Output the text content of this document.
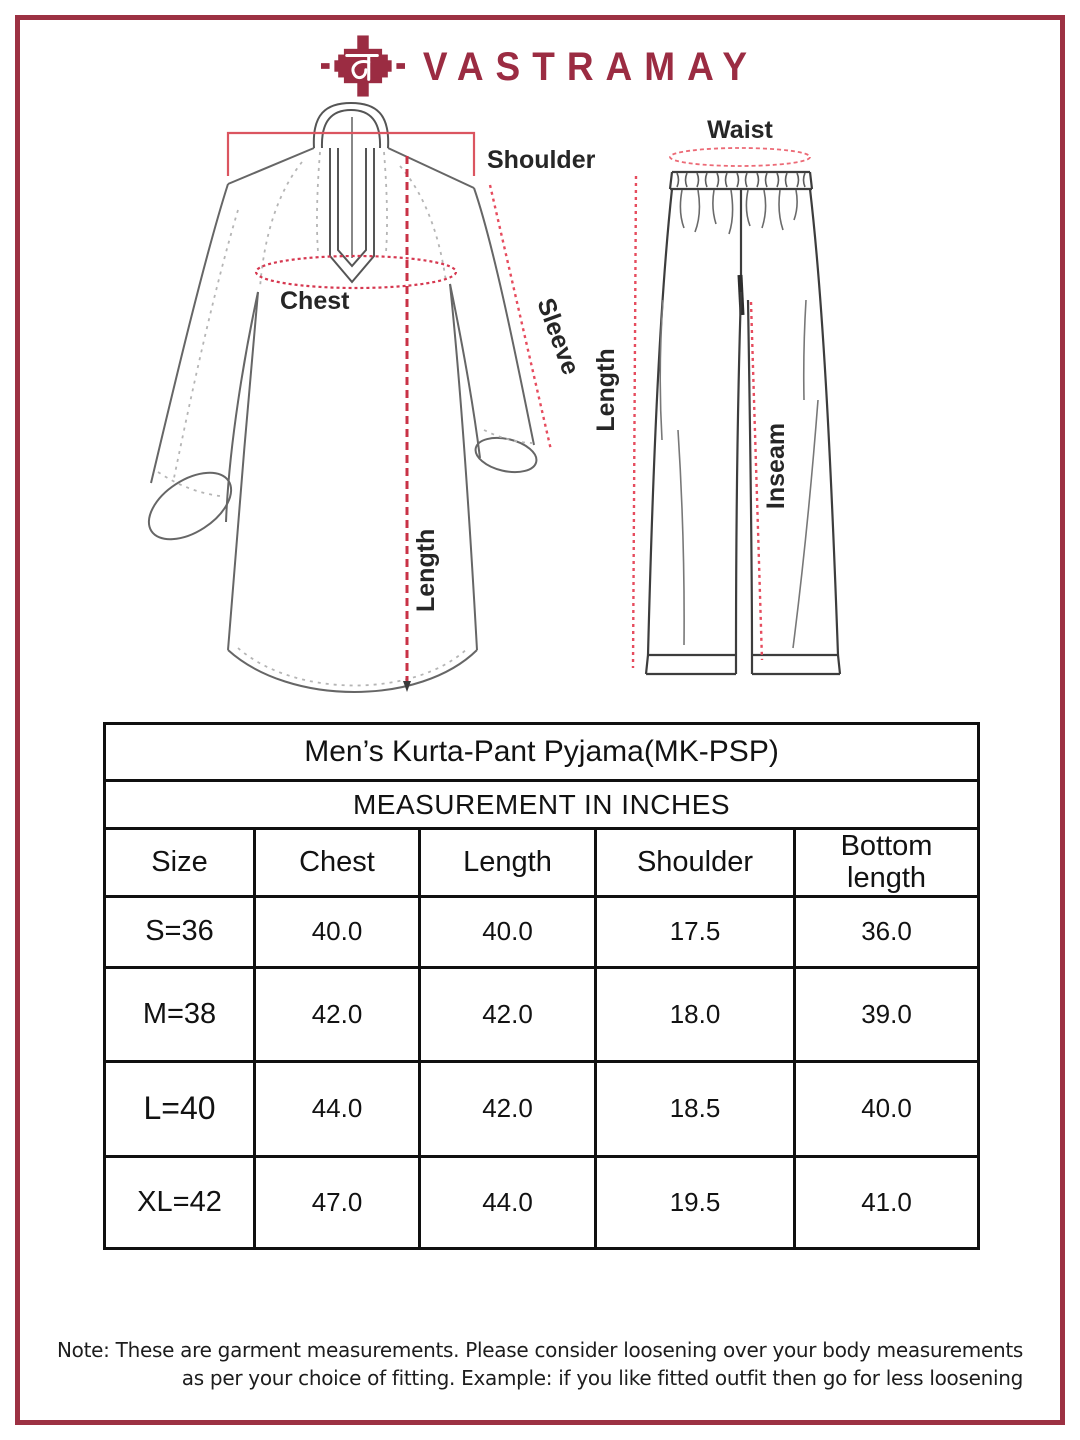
VASTRAMAY
Shoulder
Chest	Sleeve
Length
Waist
Length
Inseam
Men’s Kurta-Pant Pyjama(MK-PSP)				
MEASUREMENT IN INCHES				
Size	Chest	Length	Shoulder	Bottom length
S=36	40.0	40.0	17.5	36.0
M=38	42.0	42.0	18.0	39.0
L=40	44.0	42.0	18.5	40.0
XL=42	47.0	44.0	19.5	41.0
Note: These are garment measurements. Please consider loosening over your body measurements
as per your choice of fitting. Example: if you like fitted outfit then go for less loosening
